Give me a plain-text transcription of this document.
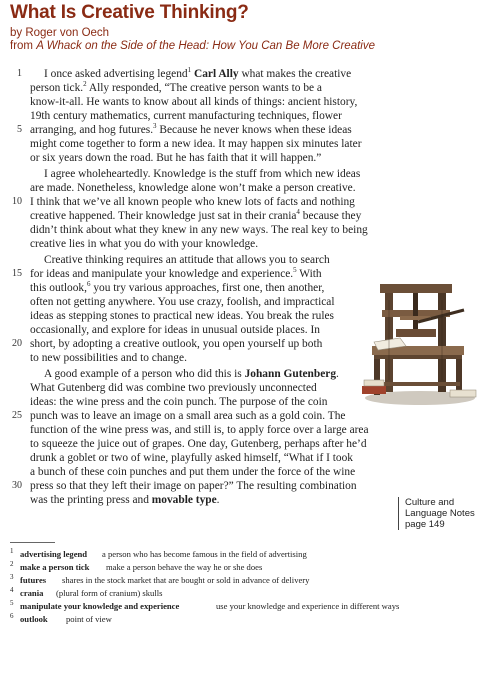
What Is Creative Thinking?
by Roger von Oech
from A Whack on the Side of the Head: How You Can Be More Creative
1 I once asked advertising legend$^1$ Carl Ally what makes the creative
person tick.$^2$ Ally responded, “The creative person wants to be a
know-it-all. He wants to know about all kinds of things: ancient history,
19th century mathematics, current manufacturing techniques, flower
5 arranging, and hog futures.$^3$ Because he never knows when these ideas
might come together to form a new idea. It may happen six minutes later
or six years down the road. But he has faith that it will happen.”
I agree wholeheartedly. Knowledge is the stuff from which new ideas
are made. Nonetheless, knowledge alone won’t make a person creative.
10 I think that we’ve all known people who knew lots of facts and nothing
creative happened. Their knowledge just sat in their crania$^4$ because they
didn’t think about what they knew in any new ways. The real key to being
creative lies in what you do with your knowledge.
Creative thinking requires an attitude that allows you to search
15 for ideas and manipulate your knowledge and experience.$^5$ With
this outlook,$^6$ you try various approaches, first one, then another,
often not getting anywhere. You use crazy, foolish, and impractical
ideas as stepping stones to practical new ideas. You break the rules
occasionally, and explore for ideas in unusual outside places. In
20 short, by adopting a creative outlook, you open yourself up both
to new possibilities and to change.
A good example of a person who did this is Johann Gutenberg.
What Gutenberg did was combine two previously unconnected
ideas: the wine press and the coin punch. The purpose of the coin
25 punch was to leave an image on a small area such as a gold coin. The
function of the wine press was, and still is, to apply force over a large area
to squeeze the juice out of grapes. One day, Gutenberg, perhaps after he’d
drunk a goblet or two of wine, playfully asked himself, “What if I took
a bunch of these coin punches and put them under the force of the wine
30 press so that they left their image on paper?” The resulting combination
was the printing press and movable type.	Culture and
Language Notes
page 149
1 advertising legend a person who has become famous in the field of advertising
2 make a person tick make a person behave the way he or she does
3 futures shares in the stock market that are bought or sold in advance of delivery
4 crania (plural form of cranium) skulls
5 manipulate your knowledge and experience	use your knowledge and experience in different ways
6 outlook point of view
